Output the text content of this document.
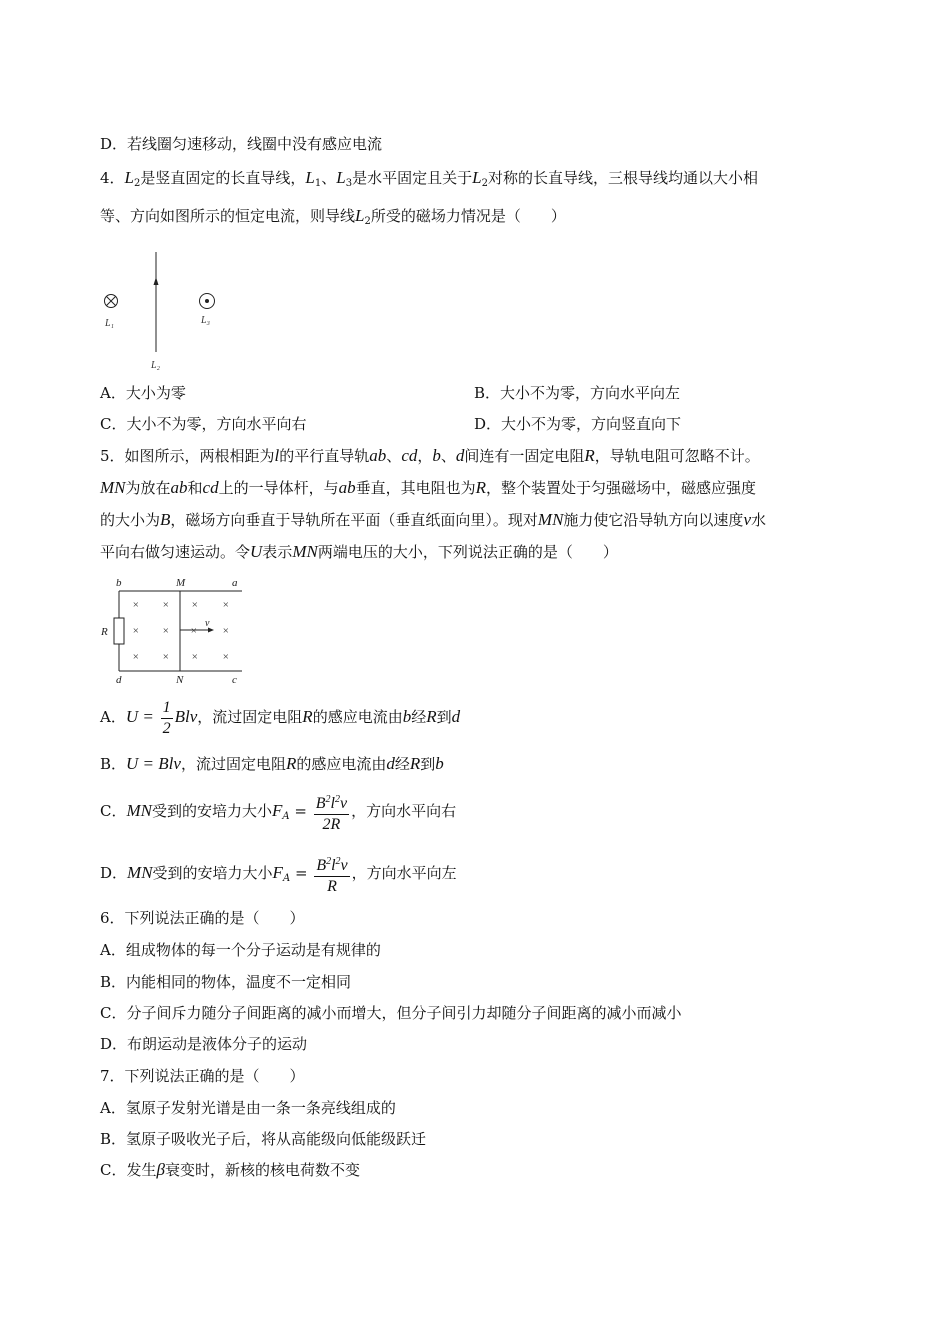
D．若线圈匀速移动，线圈中没有感应电流
4．$L_2$是竖直固定的长直导线，$L_1$、$L_3$是水平固定且关于$L_2$对称的长直导线，三根导线均通以大小相
等、方向如图所示的恒定电流，则导线$L_2$所受的磁场力情况是（　　）
L₁
L₂
L₃
A．大小为零	B．大小不为零，方向水平向左
C．大小不为零，方向水平向右	D．大小不为零，方向竖直向下
5．如图所示，两根相距为l的平行直导轨ab、cd，b、d间连有一固定电阻R，导轨电阻可忽略不计。
MN为放在ab和cd上的一导体杆，与ab垂直，其电阻也为R，整个装置处于匀强磁场中，磁感应强度
的大小为B，磁场方向垂直于导轨所在平面（垂直纸面向里）。现对MN施力使它沿导轨方向以速度v水
平向右做匀速运动。令U表示MN两端电压的大小，下列说法正确的是（　　）
b	M	a
R
× × × ×
× ×	×
× × × ×
×
v
d	N	c
A．$U = \frac{1}{2}$ Blv，流过固定电阻R的感应电流由b经R到d
B．U = Blv，流过固定电阻R的感应电流由d经R到b
C．MN受到的安培力大小$F_A = \frac{B^2l^2v}{2R}$ ，方向水平向右
D．MN受到的安培力大小$F_A = \frac{B^2l^2v}{R}$ ，方向水平向左
6．下列说法正确的是（　　）
A．组成物体的每一个分子运动是有规律的
B．内能相同的物体，温度不一定相同
C．分子间斥力随分子间距离的减小而增大，但分子间引力却随分子间距离的减小而减小
D．布朗运动是液体分子的运动
7．下列说法正确的是（　　）
A．氢原子发射光谱是由一条一条亮线组成的
B．氢原子吸收光子后，将从高能级向低能级跃迁
C．发生β衰变时，新核的核电荷数不变
